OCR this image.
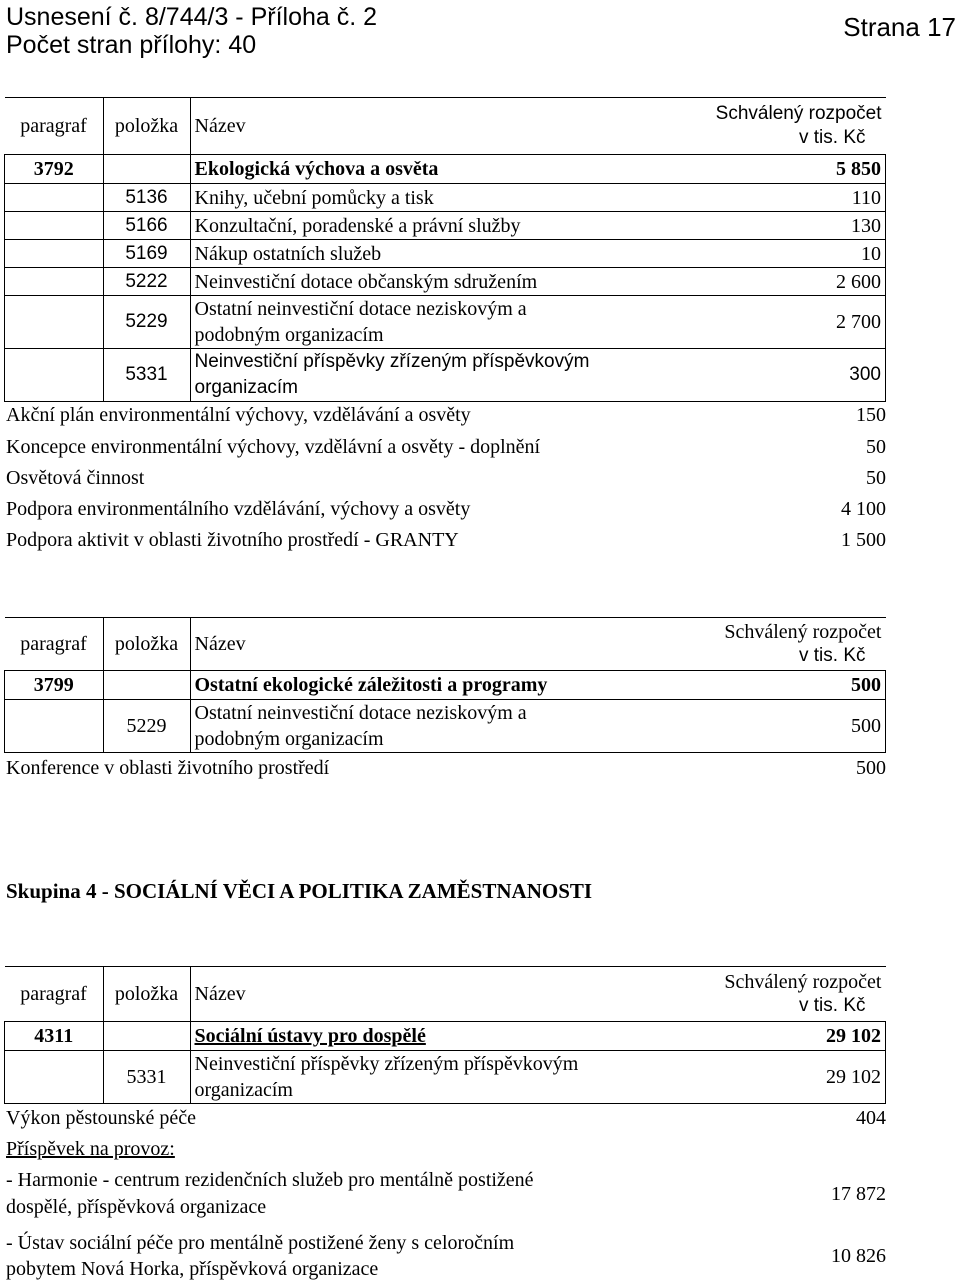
Usnesení č. 8/744/3 - Příloha č. 2
Počet stran přílohy: 40
Strana 17
paragraf	položka	Název	Schválený rozpočet
v tis. Kč

3792		Ekologická výchova a osvěta	5 850
	5136	Knihy, učební pomůcky a tisk	110
	5166	Konzultační, poradenské a právní služby	130
	5169	Nákup ostatních služeb	10
	5222	Neinvestiční dotace občanským sdružením	2 600
	5229	Ostatní neinvestiční dotace neziskovým a
podobným organizacím	2 700
	5331	Neinvestiční příspěvky zřízeným příspěvkovým
organizacím	300
Akční plán environmentální výchovy, vzdělávání a osvěty	150
Koncepce environmentální výchovy, vzdělávní a osvěty - doplnění	50
Osvětová činnost	50
Podpora environmentálního vzdělávání, výchovy a osvěty	4 100
Podpora aktivit v oblasti životního prostředí - GRANTY	1 500
paragraf	položka	Název	Schválený rozpočet
v tis. Kč

3799		Ostatní ekologické záležitosti a programy	500
	5229	Ostatní neinvestiční dotace neziskovým a
podobným organizacím	500
Konference v oblasti životního prostředí	500
Skupina 4 - SOCIÁLNÍ VĚCI A POLITIKA ZAMĚSTNANOSTI
paragraf	položka	Název	Schválený rozpočet
v tis. Kč

4311		Sociální ústavy pro dospělé	29 102
	5331	Neinvestiční příspěvky zřízeným příspěvkovým
organizacím	29 102
Výkon pěstounské péče	404
Příspěvek na provoz:
- Harmonie - centrum rezidenčních služeb pro mentálně postižené
dospělé, příspěvková organizace
17 872
- Ústav sociální péče pro mentálně postižené ženy s celoročním
pobytem Nová Horka, příspěvková organizace
10 826
